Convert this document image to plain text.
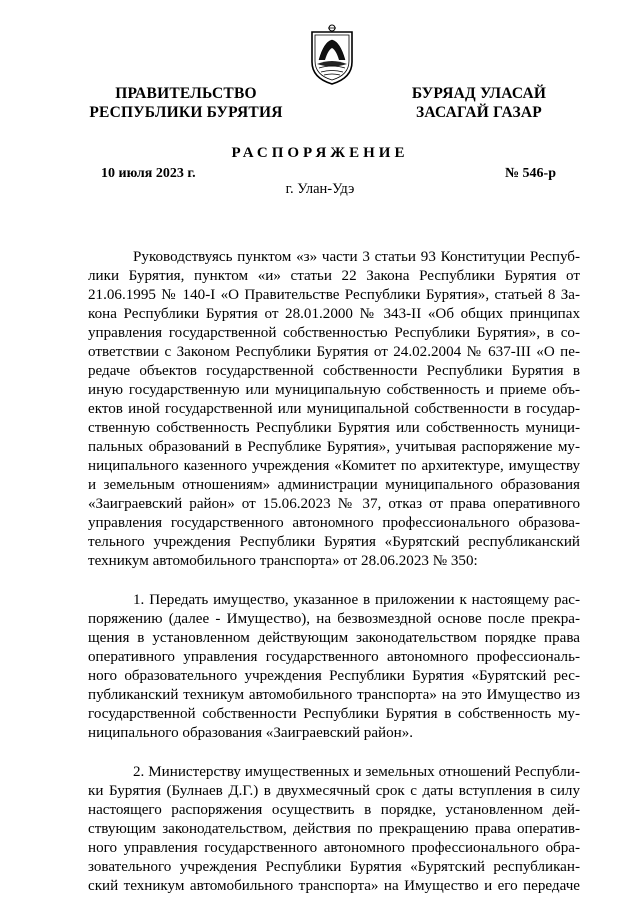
ПРАВИТЕЛЬСТВО
РЕСПУБЛИКИ БУРЯТИЯ
БУРЯАД УЛАСАЙ
ЗАСАГАЙ ГАЗАР
РАСПОРЯЖЕНИЕ
10 июля 2023 г.	№ 546-р
г. Улан-Удэ
Руководствуясь пунктом «з» части 3 статьи 93 Конституции Респуб-
лики Бурятия, пунктом «и» статьи 22 Закона Республики Бурятия от
21.06.1995 № 140-I «О Правительстве Республики Бурятия», статьей 8 За-
кона Республики Бурятия от 28.01.2000 № 343-II «Об общих принципах
управления государственной собственностью Республики Бурятия», в со-
ответствии с Законом Республики Бурятия от 24.02.2004 № 637-III «О пе-
редаче объектов государственной собственности Республики Бурятия в
иную государственную или муниципальную собственность и приеме объ-
ектов иной государственной или муниципальной собственности в государ-
ственную собственность Республики Бурятия или собственность муници-
пальных образований в Республике Бурятия», учитывая распоряжение му-
ниципального казенного учреждения «Комитет по архитектуре, имуществу
и земельным отношениям» администрации муниципального образования
«Заиграевский район» от 15.06.2023 № 37, отказ от права оперативного
управления государственного автономного профессионального образова-
тельного учреждения Республики Бурятия «Бурятский республиканский
техникум автомобильного транспорта» от 28.06.2023 № 350:
1. Передать имущество, указанное в приложении к настоящему рас-
поряжению (далее - Имущество), на безвозмездной основе после прекра-
щения в установленном действующим законодательством порядке права
оперативного управления государственного автономного профессиональ-
ного образовательного учреждения Республики Бурятия «Бурятский рес-
публиканский техникум автомобильного транспорта» на это Имущество из
государственной собственности Республики Бурятия в собственность му-
ниципального образования «Заиграевский район».
2. Министерству имущественных и земельных отношений Республи-
ки Бурятия (Булнаев Д.Г.) в двухмесячный срок с даты вступления в силу
настоящего распоряжения осуществить в порядке, установленном дей-
ствующим законодательством, действия по прекращению права оператив-
ного управления государственного автономного профессионального обра-
зовательного учреждения Республики Бурятия «Бурятский республикан-
ский техникум автомобильного транспорта» на Имущество и его передаче
